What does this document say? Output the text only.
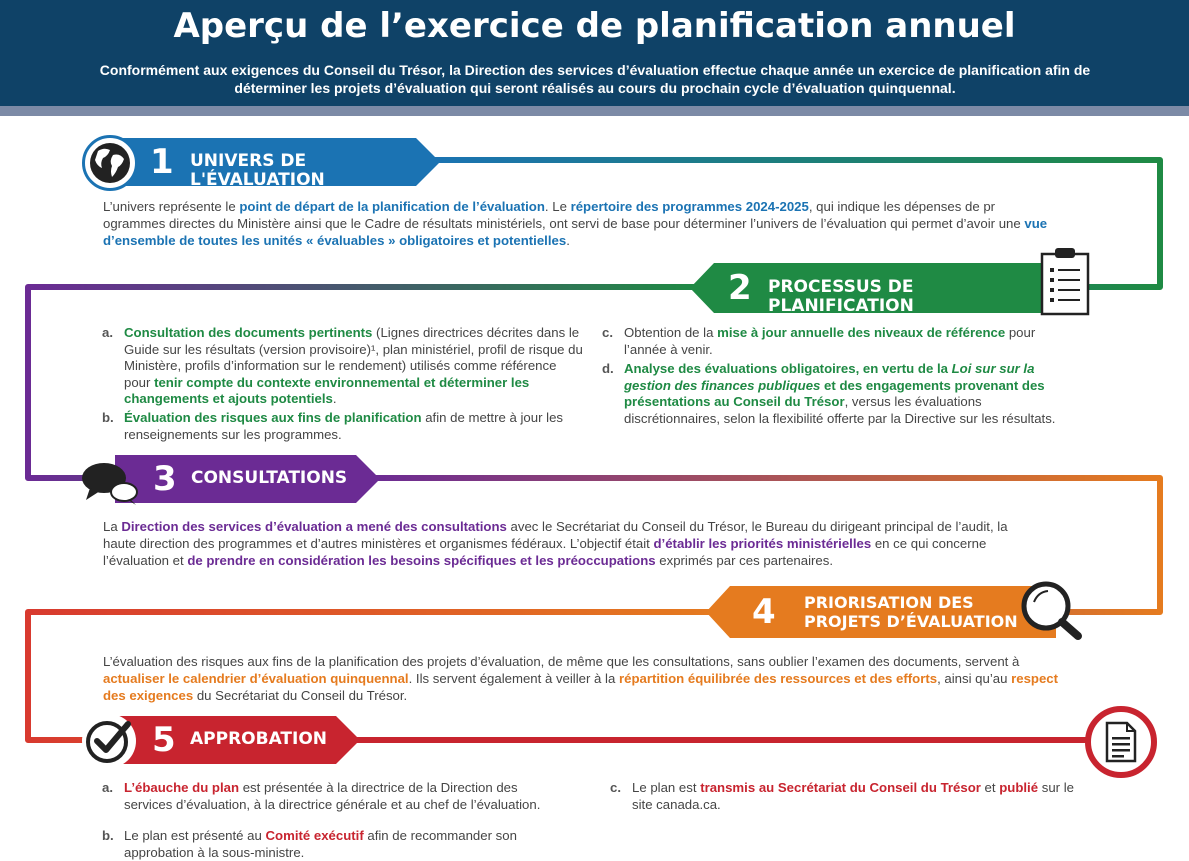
Aperçu de l’exercice de planification annuel
Conformément aux exigences du Conseil du Trésor, la Direction des services d’évaluation effectue chaque année un exercice de planification afin de déterminer les projets d’évaluation qui seront réalisés au cours du prochain cycle d’évaluation quinquennal.
1 UNIVERS DE L'ÉVALUATION
L’univers représente le point de départ de la planification de l’évaluation. Le répertoire des programmes 2024-2025, qui indique les dépenses de pr ogrammes directes du Ministère ainsi que le Cadre de résultats ministériels, ont servi de base pour déterminer l’univers de l’évaluation qui permet d’avoir une vue d’ensemble de toutes les unités « évaluables » obligatoires et potentielles.
2 PROCESSUS DE PLANIFICATION
a. Consultation des documents pertinents (Lignes directrices décrites dans le Guide sur les résultats (version provisoire)¹, plan ministériel, profil de risque du Ministère, profils d’information sur le rendement) utilisés comme référence pour tenir compte du contexte environnemental et déterminer les changements et ajouts potentiels.
b. Évaluation des risques aux fins de planification afin de mettre à jour les renseignements sur les programmes.
c. Obtention de la mise à jour annuelle des niveaux de référence pour l’année à venir.
d. Analyse des évaluations obligatoires, en vertu de la Loi sur sur la gestion des finances publiques et des engagements provenant des présentations au Conseil du Trésor, versus les évaluations discrétionnaires, selon la flexibilité offerte par la Directive sur les résultats.
3 CONSULTATIONS
La Direction des services d’évaluation a mené des consultations avec le Secrétariat du Conseil du Trésor, le Bureau du dirigeant principal de l’audit, la haute direction des programmes et d’autres ministères et organismes fédéraux. L’objectif était d’établir les priorités ministérielles en ce qui concerne l’évaluation et de prendre en considération les besoins spécifiques et les préoccupations exprimés par ces partenaires.
4 PRIORISATION DES
PROJETS D’ÉVALUATION
L’évaluation des risques aux fins de la planification des projets d’évaluation, de même que les consultations, sans oublier l’examen des documents, servent à actualiser le calendrier d’évaluation quinquennal. Ils servent également à veiller à la répartition équilibrée des ressources et des efforts, ainsi qu’au respect des exigences du Secrétariat du Conseil du Trésor.
5 APPROBATION
a. L’ébauche du plan est présentée à la directrice de la Direction des services d’évaluation, à la directrice générale et au chef de l’évaluation.
b. Le plan est présenté au Comité exécutif afin de recommander son approbation à la sous-ministre.
c. Le plan est transmis au Secrétariat du Conseil du Trésor et publié sur le site canada.ca.
